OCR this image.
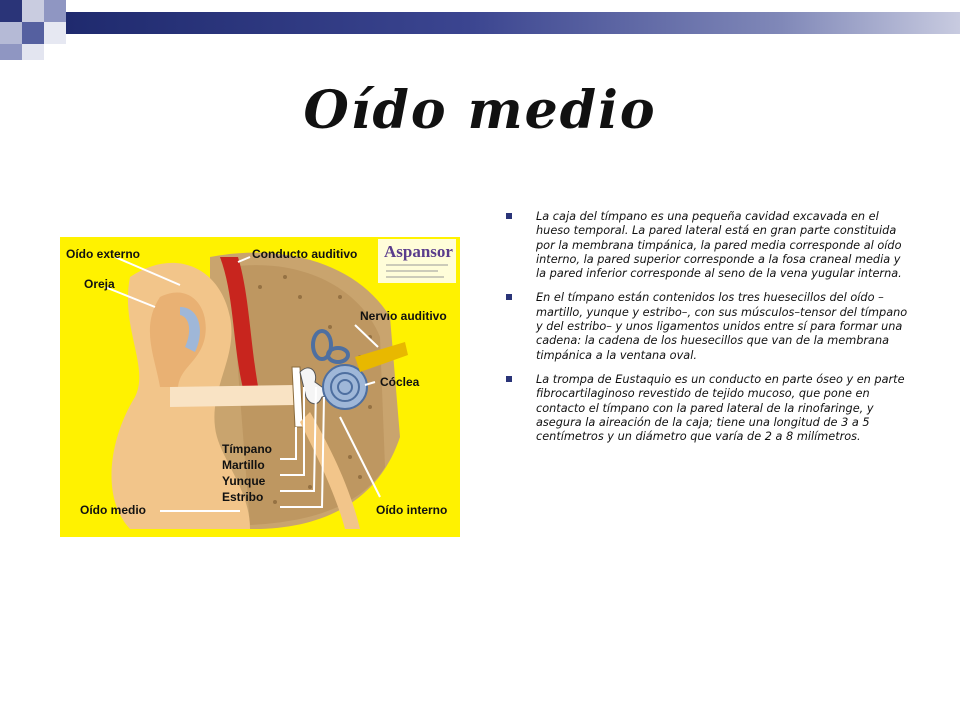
Oído medio
Aspansor
Oído externo
Oreja
Conducto auditivo
Nervio auditivo
Cóclea
Tímpano
Martillo
Yunque
Estribo
Oído medio	Oído interno
La caja del tímpano es una pequeña cavidad excavada en el hueso temporal. La pared lateral está en gran parte constituida por la membrana timpánica, la pared media corresponde al oído interno, la pared superior corresponde a la fosa craneal media y la pared inferior corresponde al seno de la vena yugular interna.
En el tímpano están contenidos los tres huesecillos del oído –martillo, yunque y estribo–, con sus músculos–tensor del tímpano y del estribo– y unos ligamentos unidos entre sí para formar una cadena: la cadena de los huesecillos que van de la membrana timpánica a la ventana oval.
La trompa de Eustaquio es un conducto en parte óseo y en parte fibrocartilaginoso revestido de tejido mucoso, que pone en contacto el tímpano con la pared lateral de la rinofaringe, y asegura la aireación de la caja; tiene una longitud de 3 a 5 centímetros y un diámetro que varía de 2 a 8 milímetros.
